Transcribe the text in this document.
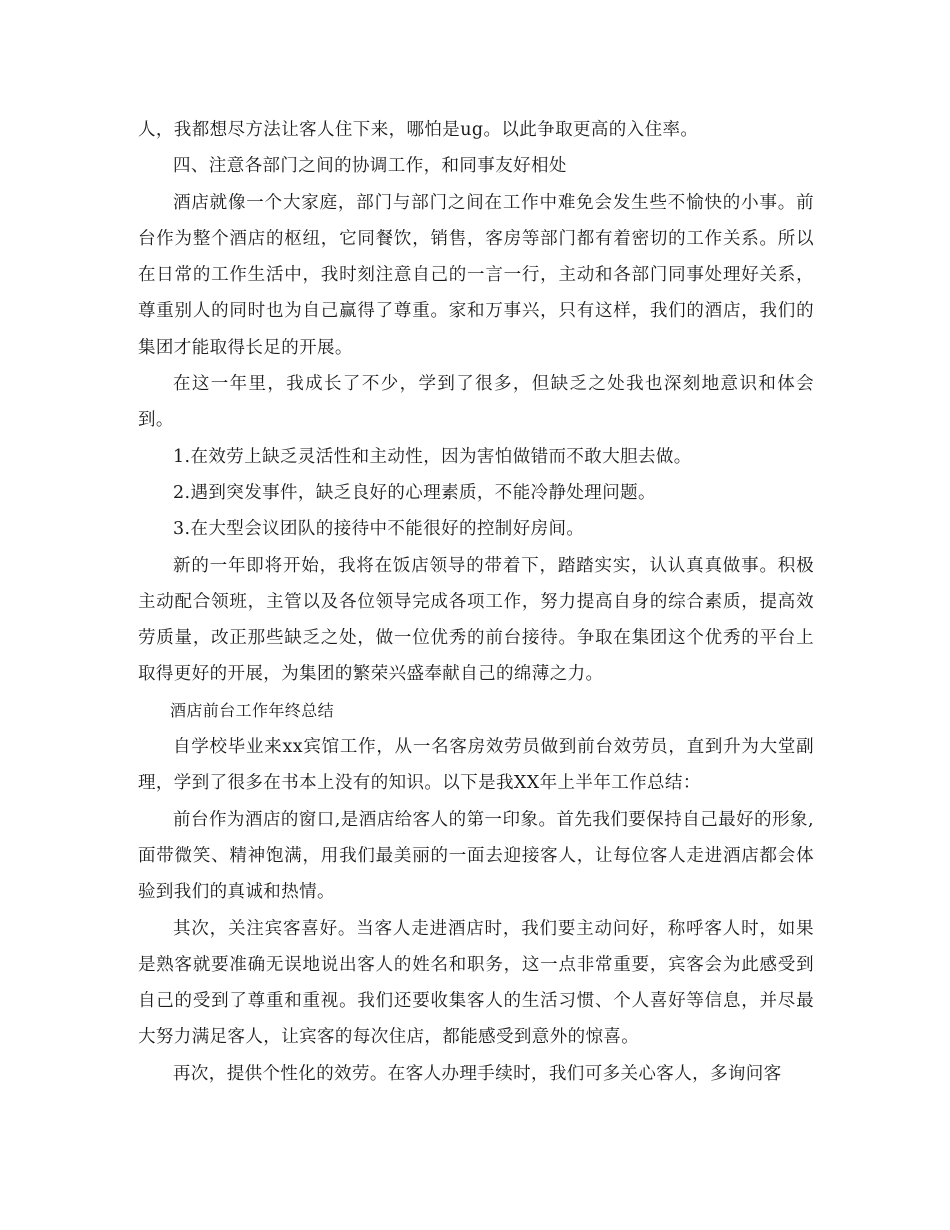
人，我都想尽方法让客人住下来，哪怕是ug。以此争取更高的入住率。

四、注意各部门之间的协调工作，和同事友好相处

酒店就像一个大家庭，部门与部门之间在工作中难免会发生些不愉快的小事。前台作为整个酒店的枢纽，它同餐饮，销售，客房等部门都有着密切的工作关系。所以在日常的工作生活中，我时刻注意自己的一言一行，主动和各部门同事处理好关系，尊重别人的同时也为自己赢得了尊重。家和万事兴，只有这样，我们的酒店，我们的集团才能取得长足的开展。

在这一年里，我成长了不少，学到了很多，但缺乏之处我也深刻地意识和体会到。

1.在效劳上缺乏灵活性和主动性，因为害怕做错而不敢大胆去做。

2.遇到突发事件，缺乏良好的心理素质，不能冷静处理问题。

3.在大型会议团队的接待中不能很好的控制好房间。

新的一年即将开始，我将在饭店领导的带着下，踏踏实实，认认真真做事。积极主动配合领班，主管以及各位领导完成各项工作，努力提高自身的综合素质，提高效劳质量，改正那些缺乏之处，做一位优秀的前台接待。争取在集团这个优秀的平台上取得更好的开展，为集团的繁荣兴盛奉献自己的绵薄之力。

酒店前台工作年终总结

自学校毕业来xx宾馆工作，从一名客房效劳员做到前台效劳员，直到升为大堂副理，学到了很多在书本上没有的知识。以下是我XX年上半年工作总结：

前台作为酒店的窗口,是酒店给客人的第一印象。首先我们要保持自己最好的形象,面带微笑、精神饱满，用我们最美丽的一面去迎接客人，让每位客人走进酒店都会体验到我们的真诚和热情。

其次，关注宾客喜好。当客人走进酒店时，我们要主动问好，称呼客人时，如果是熟客就要准确无误地说出客人的姓名和职务，这一点非常重要，宾客会为此感受到自己的受到了尊重和重视。我们还要收集客人的生活习惯、个人喜好等信息，并尽最大努力满足客人，让宾客的每次住店，都能感受到意外的惊喜。

再次，提供个性化的效劳。在客人办理手续时，我们可多关心客人，多询问客
